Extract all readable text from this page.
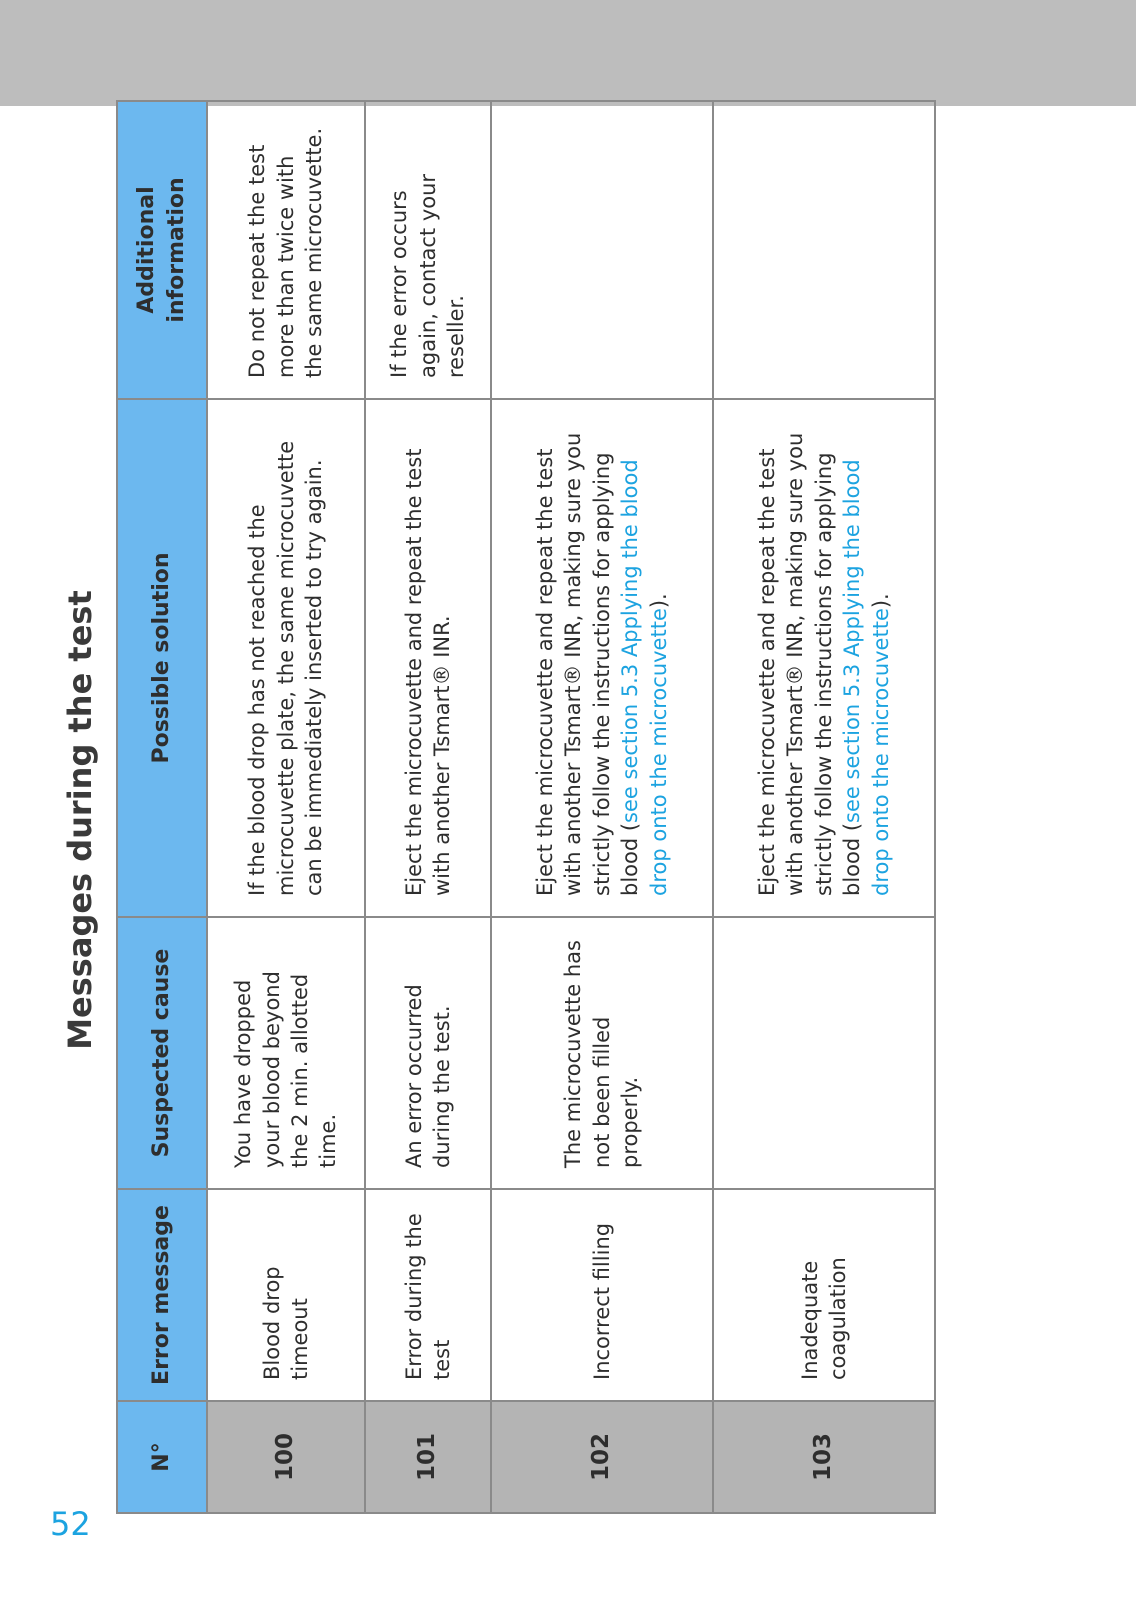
52
Messages during the test
N°	Error message	Suspected cause	Possible solution	Additional information
100	Blood drop timeout	You have dropped your blood beyond the 2 min. allotted time.	If the blood drop has not reached the microcuvette plate, the same microcuvette can be immediately inserted to try again.	Do not repeat the test more than twice with the same microcuvette.
101	Error during the test	An error occurred during the test.	Eject the microcuvette and repeat the test with another Tsmart® INR.	If the error occurs again, contact your reseller.
102	Incorrect filling	The microcuvette has not been filled properly.	Eject the microcuvette and repeat the test with another Tsmart® INR, making sure you strictly follow the instructions for applying blood (see section 5.3 Applying the blood drop onto the microcuvette).	
103	Inadequate coagulation		Eject the microcuvette and repeat the test with another Tsmart® INR, making sure you strictly follow the instructions for applying blood (see section 5.3 Applying the blood drop onto the microcuvette).	
